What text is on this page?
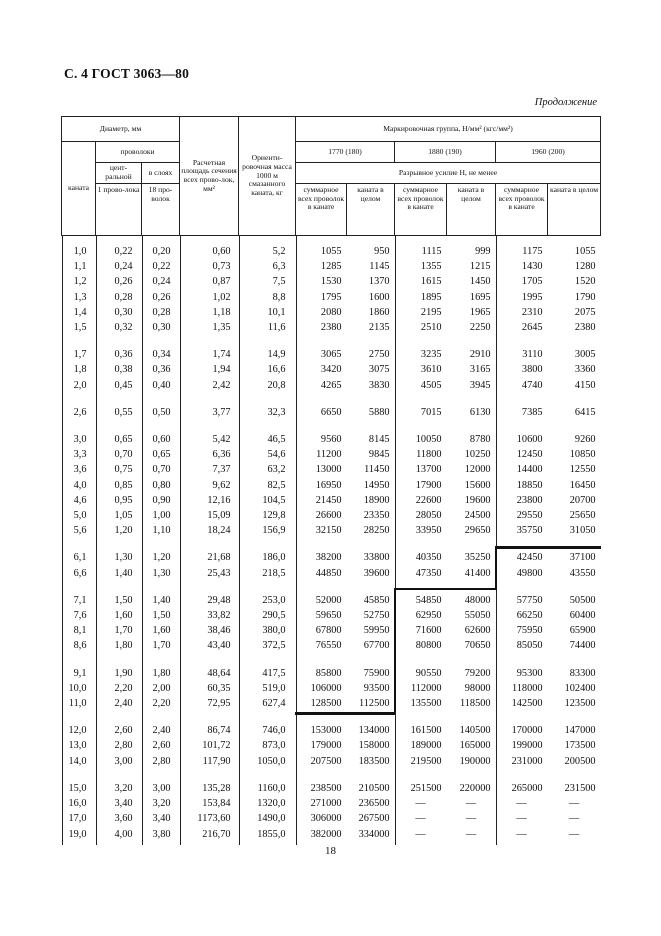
С. 4 ГОСТ 3063—80
Продолжение
Диаметр, мм			Расчетная площадь сечения всех прово-лок, мм²	Ориенти-ровочная масса 1000 м смазанного каната, кг	Маркировочная группа, Н/мм² (кгс/мм²)					
каната	проволоки				1770 (180)		1880 (190)		1960 (200)	
	цент-ральной	в слоях			Разрывное усилие Н, не менее					
	1 прово-лока	18 про-волок			суммарное всех проволок в канате	каната в целом	суммарное всех проволок в канате	каната в целом	суммарное всех проволок в канате	каната в целом
1,0	0,22	0,20	0,60	5,2	1055	950	1115	999	1175	1055
1,1	0,24	0,22	0,73	6,3	1285	1145	1355	1215	1430	1280
1,2	0,26	0,24	0,87	7,5	1530	1370	1615	1450	1705	1520
1,3	0,28	0,26	1,02	8,8	1795	1600	1895	1695	1995	1790
1,4	0,30	0,28	1,18	10,1	2080	1860	2195	1965	2310	2075
1,5	0,32	0,30	1,35	11,6	2380	2135	2510	2250	2645	2380

1,7	0,36	0,34	1,74	14,9	3065	2750	3235	2910	3110	3005
1,8	0,38	0,36	1,94	16,6	3420	3075	3610	3165	3800	3360
2,0	0,45	0,40	2,42	20,8	4265	3830	4505	3945	4740	4150

2,6	0,55	0,50	3,77	32,3	6650	5880	7015	6130	7385	6415

3,0	0,65	0,60	5,42	46,5	9560	8145	10050	8780	10600	9260
3,3	0,70	0,65	6,36	54,6	11200	9845	11800	10250	12450	10850
3,6	0,75	0,70	7,37	63,2	13000	11450	13700	12000	14400	12550
4,0	0,85	0,80	9,62	82,5	16950	14950	17900	15600	18850	16450
4,6	0,95	0,90	12,16	104,5	21450	18900	22600	19600	23800	20700
5,0	1,05	1,00	15,09	129,8	26600	23350	28050	24500	29550	25650
5,6	1,20	1,10	18,24	156,9	32150	28250	33950	29650	35750	31050

6,1	1,30	1,20	21,68	186,0	38200	33800	40350	35250	42450	37100
6,6	1,40	1,30	25,43	218,5	44850	39600	47350	41400	49800	43550

7,1	1,50	1,40	29,48	253,0	52000	45850	54850	48000	57750	50500
7,6	1,60	1,50	33,82	290,5	59650	52750	62950	55050	66250	60400
8,1	1,70	1,60	38,46	380,0	67800	59950	71600	62600	75950	65900
8,6	1,80	1,70	43,40	372,5	76550	67700	80800	70650	85050	74400

9,1	1,90	1,80	48,64	417,5	85800	75900	90550	79200	95300	83300
10,0	2,20	2,00	60,35	519,0	106000	93500	112000	98000	118000	102400
11,0	2,40	2,20	72,95	627,4	128500	112500	135500	118500	142500	123500

12,0	2,60	2,40	86,74	746,0	153000	134000	161500	140500	170000	147000
13,0	2,80	2,60	101,72	873,0	179000	158000	189000	165000	199000	173500
14,0	3,00	2,80	117,90	1050,0	207500	183500	219500	190000	231000	200500

15,0	3,20	3,00	135,28	1160,0	238500	210500	251500	220000	265000	231500
16,0	3,40	3,20	153,84	1320,0	271000	236500	—	—	—	—
17,0	3,60	3,40	1173,60	1490,0	306000	267500	—	—	—	—
19,0	4,00	3,80	216,70	1855,0	382000	334000	—	—	—	—
18
